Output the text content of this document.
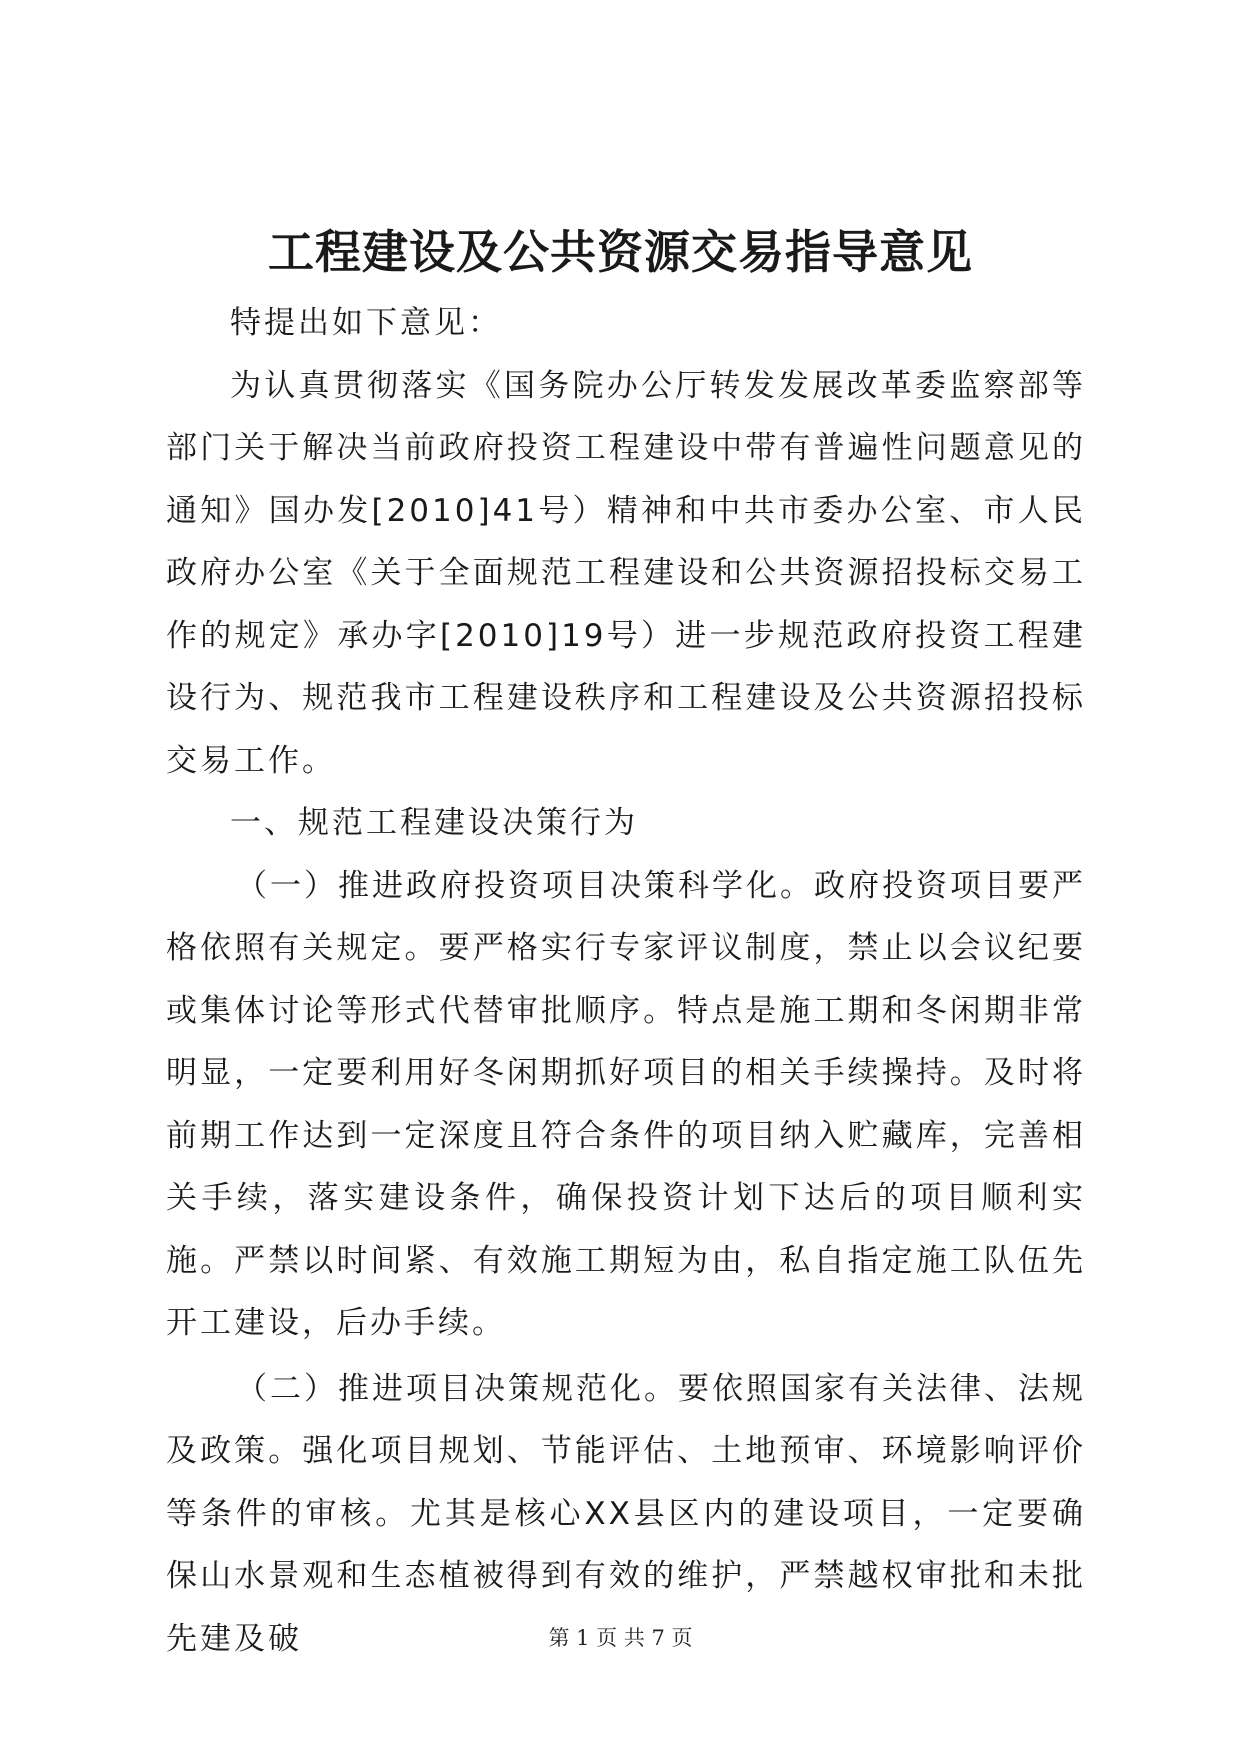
工程建设及公共资源交易指导意见

特提出如下意见：

为认真贯彻落实《国务院办公厅转发发展改革委监察部等部门关于解决当前政府投资工程建设中带有普遍性问题意见的通知》国办发[2010]41号）精神和中共市委办公室、市人民政府办公室《关于全面规范工程建设和公共资源招投标交易工作的规定》承办字[2010]19号）进一步规范政府投资工程建设行为、规范我市工程建设秩序和工程建设及公共资源招投标交易工作。

一、规范工程建设决策行为

（一）推进政府投资项目决策科学化。政府投资项目要严格依照有关规定。要严格实行专家评议制度，禁止以会议纪要或集体讨论等形式代替审批顺序。特点是施工期和冬闲期非常明显，一定要利用好冬闲期抓好项目的相关手续操持。及时将前期工作达到一定深度且符合条件的项目纳入贮藏库，完善相关手续，落实建设条件，确保投资计划下达后的项目顺利实施。严禁以时间紧、有效施工期短为由，私自指定施工队伍先开工建设，后办手续。

（二）推进项目决策规范化。要依照国家有关法律、法规及政策。强化项目规划、节能评估、土地预审、环境影响评价等条件的审核。尤其是核心XX县区内的建设项目，一定要确保山水景观和生态植被得到有效的维护，严禁越权审批和未批先建及破	第 1 页 共 7 页
